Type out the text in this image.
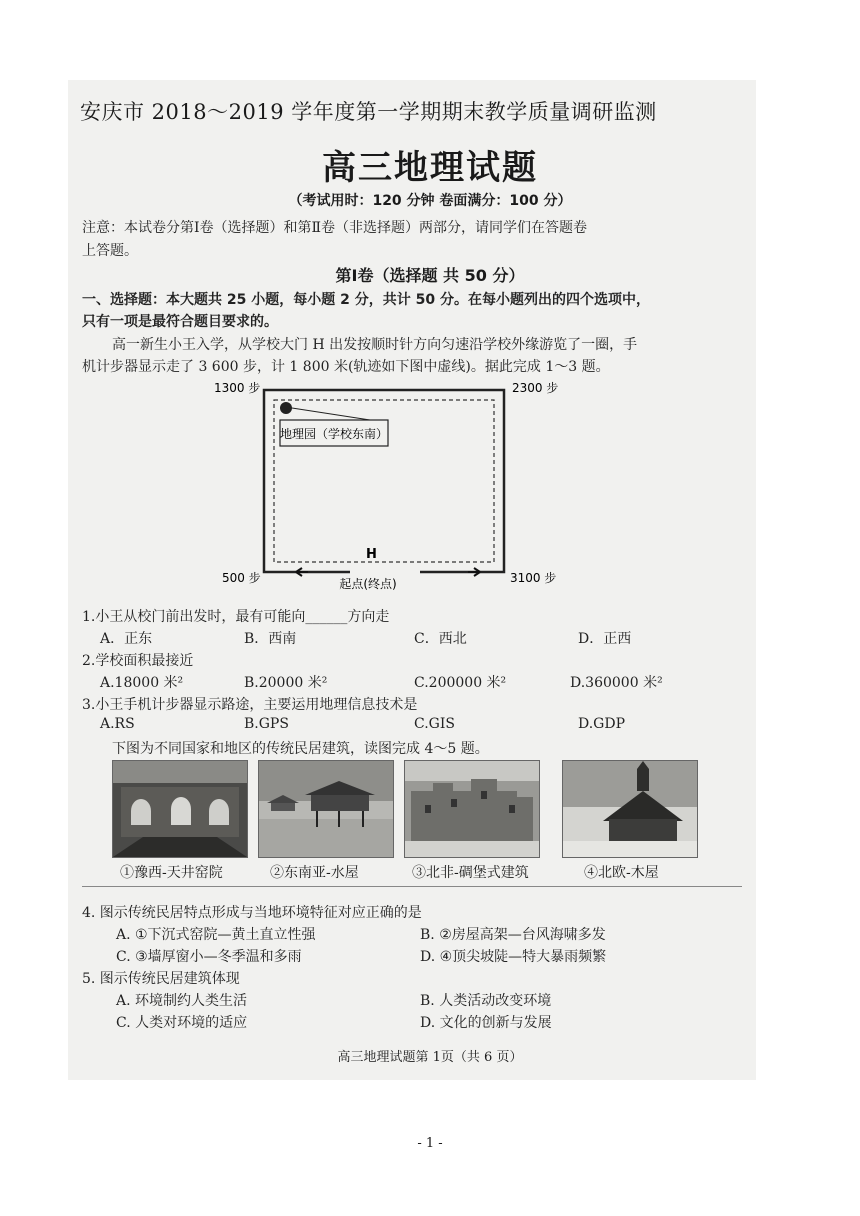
安庆市 2018～2019 学年度第一学期期末教学质量调研监测
高三地理试题
（考试用时：120 分钟 卷面满分：100 分）
注意：本试卷分第Ⅰ卷（选择题）和第Ⅱ卷（非选择题）两部分，请同学们在答题卷
上答题。
第Ⅰ卷（选择题 共 50 分）
一、选择题：本大题共 25 小题，每小题 2 分，共计 50 分。在每小题列出的四个选项中，
只有一项是最符合题目要求的。
高一新生小王入学，从学校大门 H 出发按顺时针方向匀速沿学校外缘游览了一圈，手
机计步器显示走了 3 600 步，计 1 800 米(轨迹如下图中虚线)。据此完成 1～3 题。
地理园（学校东南）
H
1300 步	2300 步
500 步	3100 步
起点(终点)
1.小王从校门前出发时，最有可能向______方向走
A．正东	B．西南	C．西北	D．正西
2.学校面积最接近
A.18000 米²	B.20000 米²	C.200000 米²	D.360000 米²
3.小王手机计步器显示路途，主要运用地理信息技术是
A.RS	B.GPS	C.GIS	D.GDP
下图为不同国家和地区的传统民居建筑，读图完成 4～5 题。
①豫西-天井窑院	②东南亚-水屋	③北非-碉堡式建筑	④北欧-木屋
4. 图示传统民居特点形成与当地环境特征对应正确的是
A. ①下沉式窑院—黄土直立性强	B. ②房屋高架—台风海啸多发
C. ③墙厚窗小—冬季温和多雨	D. ④顶尖坡陡—特大暴雨频繁
5. 图示传统民居建筑体现
A. 环境制约人类生活	B. 人类活动改变环境
C. 人类对环境的适应	D. 文化的创新与发展
高三地理试题第 1页（共 6 页）
- 1 -
